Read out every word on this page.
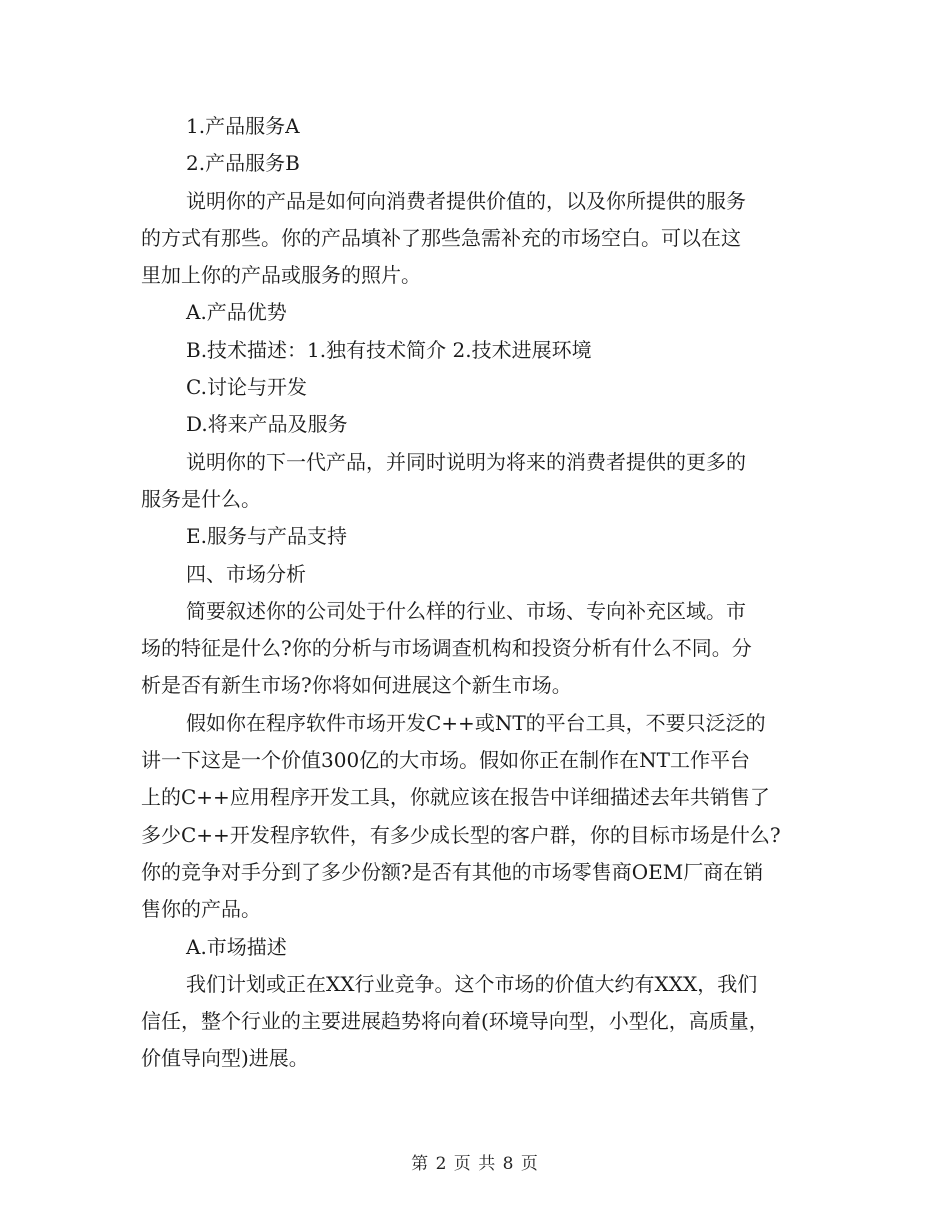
1.产品服务A

2.产品服务B

说明你的产品是如何向消费者提供价值的，以及你所提供的服务

的方式有那些。你的产品填补了那些急需补充的市场空白。可以在这

里加上你的产品或服务的照片。

A.产品优势

B.技术描述：1.独有技术简介 2.技术进展环境

C.讨论与开发

D.将来产品及服务

说明你的下一代产品，并同时说明为将来的消费者提供的更多的

服务是什么。

E.服务与产品支持

四、市场分析

简要叙述你的公司处于什么样的行业、市场、专向补充区域。市

场的特征是什么?你的分析与市场调查机构和投资分析有什么不同。分

析是否有新生市场?你将如何进展这个新生市场。

假如你在程序软件市场开发C++或NT的平台工具，不要只泛泛的

讲一下这是一个价值300亿的大市场。假如你正在制作在NT工作平台

上的C++应用程序开发工具，你就应该在报告中详细描述去年共销售了

多少C++开发程序软件，有多少成长型的客户群，你的目标市场是什么?

你的竞争对手分到了多少份额?是否有其他的市场零售商OEM厂商在销

售你的产品。

A.市场描述

我们计划或正在XX行业竞争。这个市场的价值大约有XXX，我们

信任，整个行业的主要进展趋势将向着(环境导向型，小型化，高质量，

价值导向型)进展。

第 2 页 共 8 页
